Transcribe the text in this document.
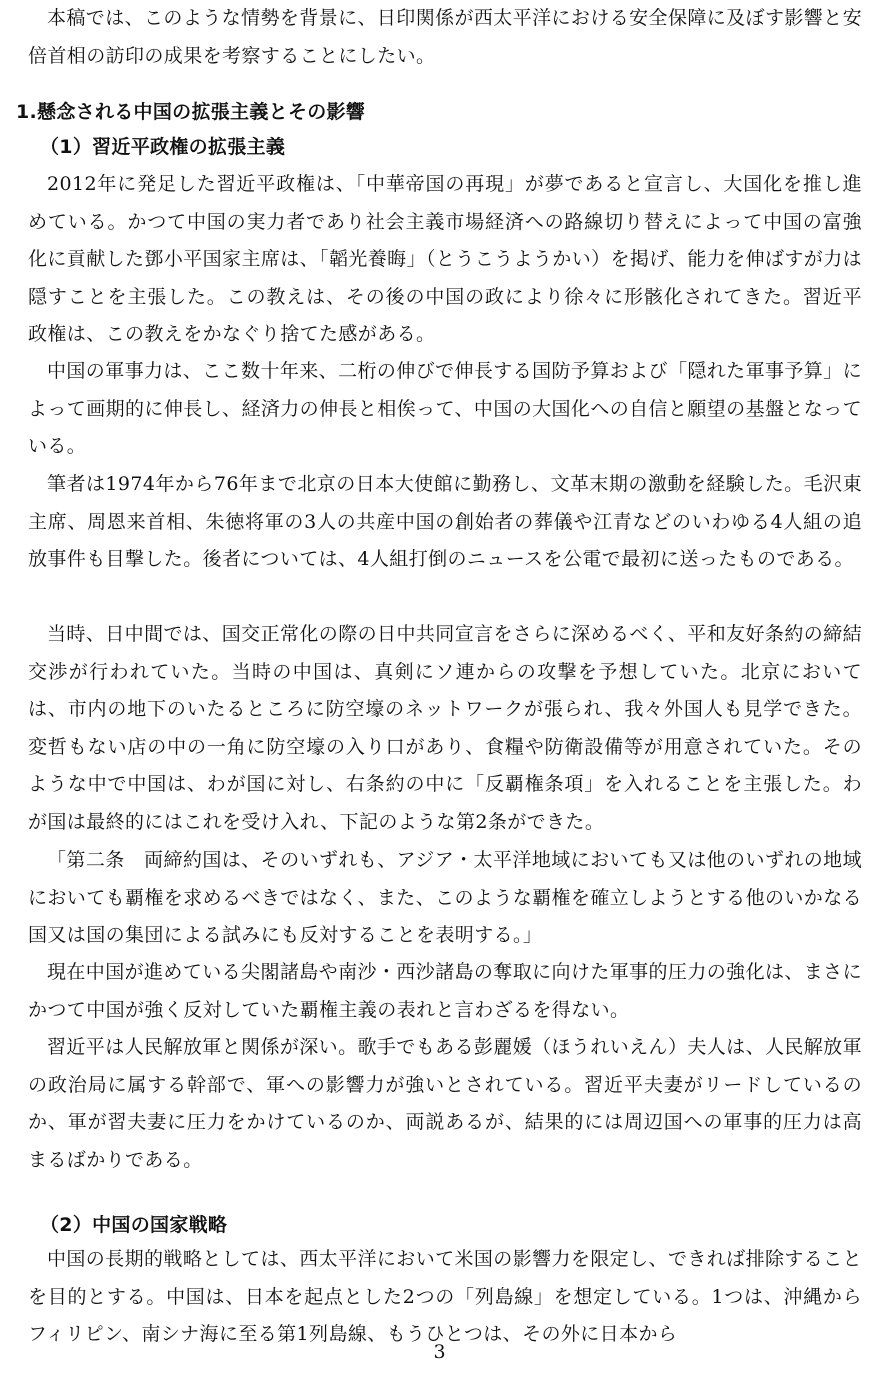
本稿では、このような情勢を背景に、日印関係が西太平洋における安全保障に及ぼす影響と安倍首相の訪印の成果を考察することにしたい。

1.懸念される中国の拡張主義とその影響
（1）習近平政権の拡張主義

2012年に発足した習近平政権は、「中華帝国の再現」が夢であると宣言し、大国化を推し進めている。かつて中国の実力者であり社会主義市場経済への路線切り替えによって中国の富強化に貢献した鄧小平国家主席は、「韜光養晦」（とうこうようかい）を掲げ、能力を伸ばすが力は隠すことを主張した。この教えは、その後の中国の政により徐々に形骸化されてきた。習近平政権は、この教えをかなぐり捨てた感がある。

中国の軍事力は、ここ数十年来、二桁の伸びで伸長する国防予算および「隠れた軍事予算」によって画期的に伸長し、経済力の伸長と相俟って、中国の大国化への自信と願望の基盤となっている。

筆者は1974年から76年まで北京の日本大使館に勤務し、文革末期の激動を経験した。毛沢東主席、周恩来首相、朱徳将軍の3人の共産中国の創始者の葬儀や江青などのいわゆる4人組の追放事件も目撃した。後者については、4人組打倒のニュースを公電で最初に送ったものである。

当時、日中間では、国交正常化の際の日中共同宣言をさらに深めるべく、平和友好条約の締結交渉が行われていた。当時の中国は、真剣にソ連からの攻撃を予想していた。北京においては、市内の地下のいたるところに防空壕のネットワークが張られ、我々外国人も見学できた。変哲もない店の中の一角に防空壕の入り口があり、食糧や防衛設備等が用意されていた。そのような中で中国は、わが国に対し、右条約の中に「反覇権条項」を入れることを主張した。わが国は最終的にはこれを受け入れ、下記のような第2条ができた。

「第二条　両締約国は、そのいずれも、アジア・太平洋地域においても又は他のいずれの地域においても覇権を求めるべきではなく、また、このような覇権を確立しようとする他のいかなる国又は国の集団による試みにも反対することを表明する。」

現在中国が進めている尖閣諸島や南沙・西沙諸島の奪取に向けた軍事的圧力の強化は、まさにかつて中国が強く反対していた覇権主義の表れと言わざるを得ない。

習近平は人民解放軍と関係が深い。歌手でもある彭麗媛（ほうれいえん）夫人は、人民解放軍の政治局に属する幹部で、軍への影響力が強いとされている。習近平夫妻がリードしているのか、軍が習夫妻に圧力をかけているのか、両説あるが、結果的には周辺国への軍事的圧力は高まるばかりである。

（2）中国の国家戦略

中国の長期的戦略としては、西太平洋において米国の影響力を限定し、できれば排除することを目的とする。中国は、日本を起点とした2つの「列島線」を想定している。1つは、沖縄からフィリピン、南シナ海に至る第1列島線、もうひとつは、その外に日本から

3
